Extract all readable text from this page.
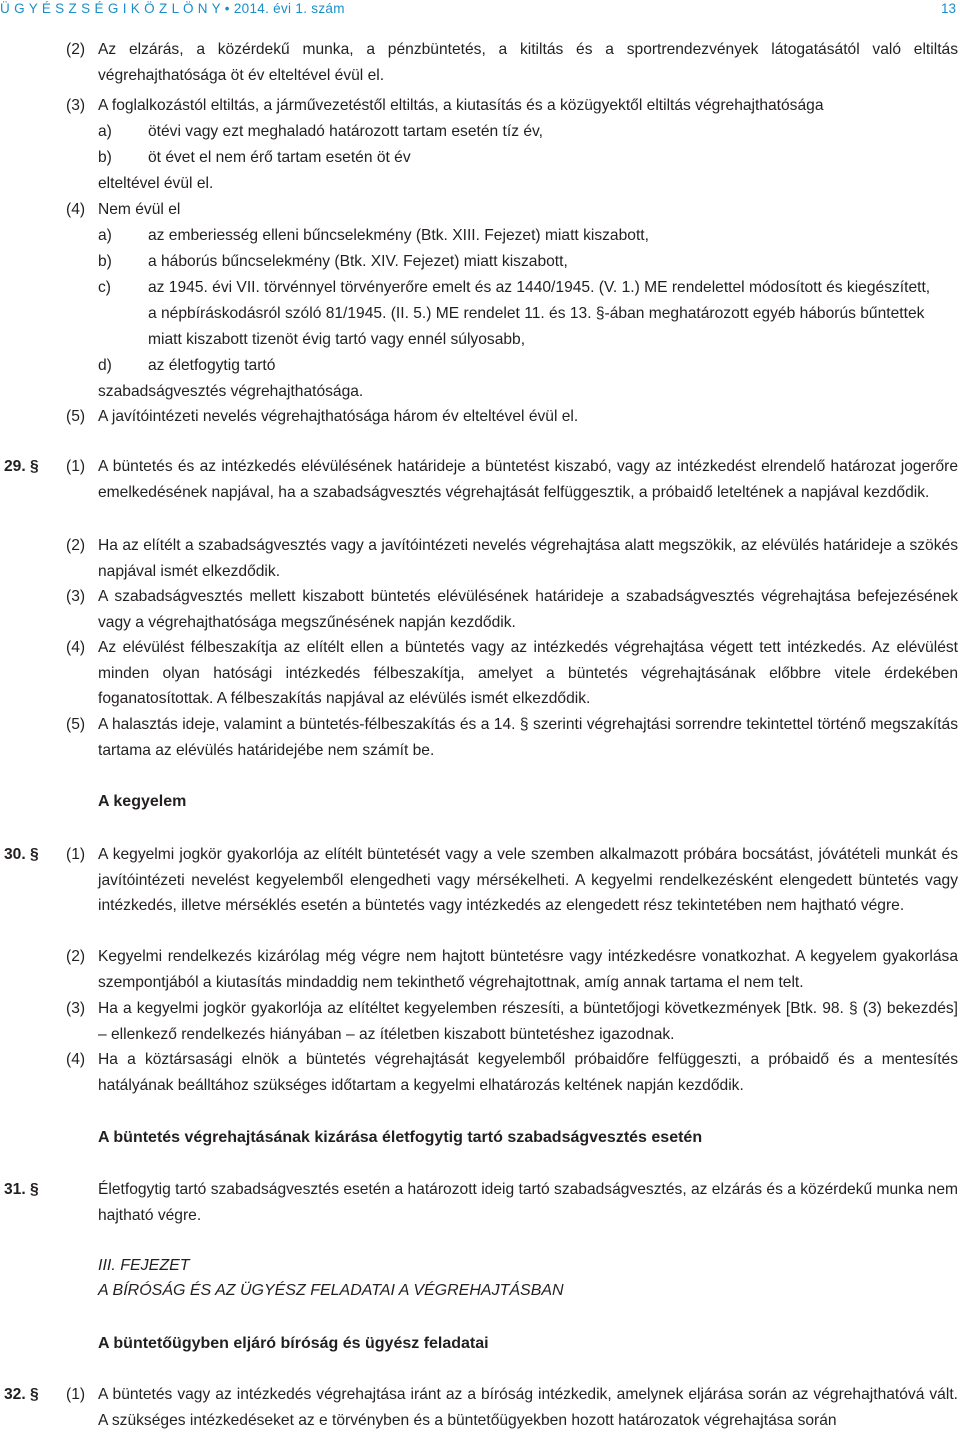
Ü G Y É S Z S É G I K Ö Z L Ö N Y • 2014. évi 1. szám	13
(2) Az elzárás, a közérdekű munka, a pénzbüntetés, a kitiltás és a sportrendezvények látogatásától való eltiltás végrehajthatósága öt év elteltével évül el.
(3) A foglalkozástól eltiltás, a járművezetéstől eltiltás, a kiutasítás és a közügyektől eltiltás végrehajthatósága
a) ötévi vagy ezt meghaladó határozott tartam esetén tíz év,
b) öt évet el nem érő tartam esetén öt év
elteltével évül el.
(4) Nem évül el
a) az emberiesség elleni bűncselekmény (Btk. XIII. Fejezet) miatt kiszabott,
b) a háborús bűncselekmény (Btk. XIV. Fejezet) miatt kiszabott,
c) az 1945. évi VII. törvénnyel törvényerőre emelt és az 1440/1945. (V. 1.) ME rendelettel módosított és kiegészített,
a népbíráskodásról szóló 81/1945. (II. 5.) ME rendelet 11. és 13. §-ában meghatározott egyéb háborús bűntettek
miatt kiszabott tizenöt évig tartó vagy ennél súlyosabb,
d) az életfogytig tartó
szabadságvesztés végrehajthatósága.
(5) A javítóintézeti nevelés végrehajthatósága három év elteltével évül el.
29. § (1) A büntetés és az intézkedés elévülésének határideje a büntetést kiszabó, vagy az intézkedést elrendelő határozat jogerőre emelkedésének napjával, ha a szabadságvesztés végrehajtását felfüggesztik, a próbaidő leteltének a napjával kezdődik.
(2) Ha az elítélt a szabadságvesztés vagy a javítóintézeti nevelés végrehajtása alatt megszökik, az elévülés határideje a szökés napjával ismét elkezdődik.
(3) A szabadságvesztés mellett kiszabott büntetés elévülésének határideje a szabadságvesztés végrehajtása befejezésének vagy a végrehajthatósága megszűnésének napján kezdődik.
(4) Az elévülést félbeszakítja az elítélt ellen a büntetés vagy az intézkedés végrehajtása végett tett intézkedés. Az elévülést minden olyan hatósági intézkedés félbeszakítja, amelyet a büntetés végrehajtásának előbbre vitele érdekében foganatosítottak. A félbeszakítás napjával az elévülés ismét elkezdődik.
(5) A halasztás ideje, valamint a büntetés-félbeszakítás és a 14. § szerinti végrehajtási sorrendre tekintettel történő megszakítás tartama az elévülés határidejébe nem számít be.
A kegyelem
30. § (1) A kegyelmi jogkör gyakorlója az elítélt büntetését vagy a vele szemben alkalmazott próbára bocsátást, jóvátételi munkát és javítóintézeti nevelést kegyelemből elengedheti vagy mérsékelheti. A kegyelmi rendelkezésként elengedett büntetés vagy intézkedés, illetve mérséklés esetén a büntetés vagy intézkedés az elengedett rész tekintetében nem hajtható végre.
(2) Kegyelmi rendelkezés kizárólag még végre nem hajtott büntetésre vagy intézkedésre vonatkozhat. A kegyelem gyakorlása szempontjából a kiutasítás mindaddig nem tekinthető végrehajtottnak, amíg annak tartama el nem telt.
(3) Ha a kegyelmi jogkör gyakorlója az elítéltet kegyelemben részesíti, a büntetőjogi következmények [Btk. 98. § (3) bekezdés] – ellenkező rendelkezés hiányában – az ítéletben kiszabott büntetéshez igazodnak.
(4) Ha a köztársasági elnök a büntetés végrehajtását kegyelemből próbaidőre felfüggeszti, a próbaidő és a mentesítés hatályának beálltához szükséges időtartam a kegyelmi elhatározás keltének napján kezdődik.
A büntetés végrehajtásának kizárása életfogytig tartó szabadságvesztés esetén
31. §	Életfogytig tartó szabadságvesztés esetén a határozott ideig tartó szabadságvesztés, az elzárás és a közérdekű munka nem hajtható végre.
III. FEJEZET
A BÍRÓSÁG ÉS AZ ÜGYÉSZ FELADATAI A VÉGREHAJTÁSBAN
A büntetőügyben eljáró bíróság és ügyész feladatai
32. § (1) A büntetés vagy az intézkedés végrehajtása iránt az a bíróság intézkedik, amelynek eljárása során az végrehajthatóvá vált. A szükséges intézkedéseket az e törvényben és a büntetőügyekben hozott határozatok végrehajtása során
